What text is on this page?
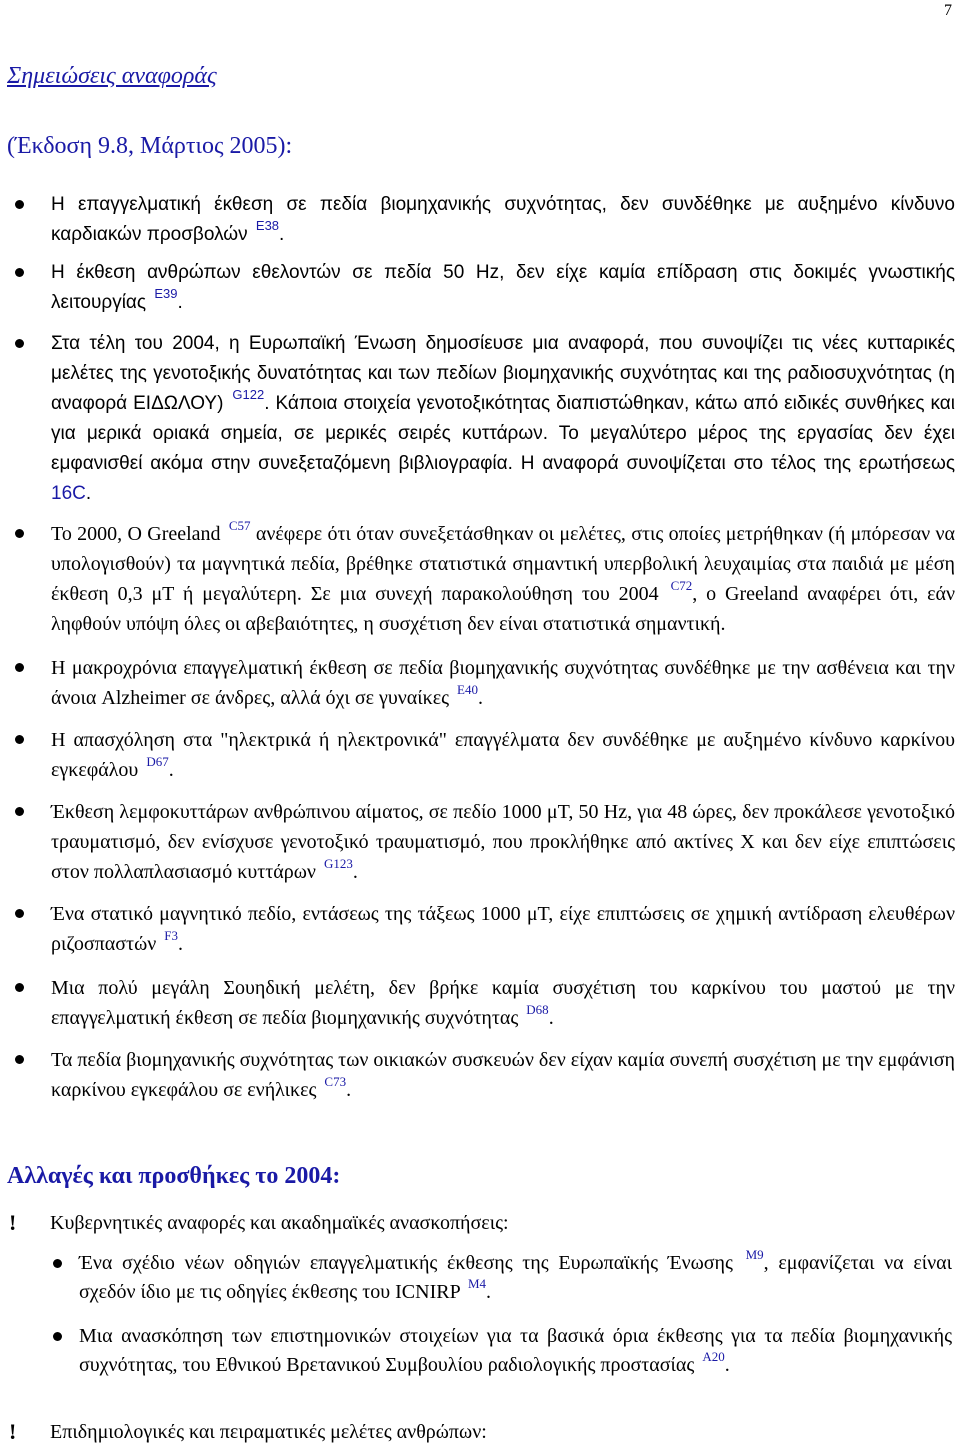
7
Σημειώσεις αναφοράς
(Έκδοση 9.8, Μάρτιος 2005):
Η επαγγελματική έκθεση σε πεδία βιομηχανικής συχνότητας, δεν συνδέθηκε με αυξημένο κίνδυνο καρδιακών προσβολών $^{E38}$.
Η έκθεση ανθρώπων εθελοντών σε πεδία 50 Hz, δεν είχε καμία επίδραση στις δοκιμές γνωστικής λειτουργίας $^{E39}$.
Στα τέλη του 2004, η Ευρωπαϊκή Ένωση δημοσίευσε μια αναφορά, που συνοψίζει τις νέες κυτταρικές μελέτες της γενοτοξικής δυνατότητας και των πεδίων βιομηχανικής συχνότητας και της ραδιοσυχνότητας (η αναφορά ΕΙΔΩΛΟΥ) $^{G122}$. Κάποια στοιχεία γενοτοξικότητας διαπιστώθηκαν, κάτω από ειδικές συνθήκες και για μερικά οριακά σημεία, σε μερικές σειρές κυττάρων. Το μεγαλύτερο μέρος της εργασίας δεν έχει εμφανισθεί ακόμα στην συνεξεταζόμενη βιβλιογραφία. Η αναφορά συνοψίζεται στο τέλος της ερωτήσεως 16C.
Το 2000, O Greeland $^{C57}$ ανέφερε ότι όταν συνεξετάσθηκαν οι μελέτες, στις οποίες μετρήθηκαν (ή μπόρεσαν να υπολογισθούν) τα μαγνητικά πεδία, βρέθηκε στατιστικά σημαντική υπερβολική λευχαιμίας στα παιδιά με μέση έκθεση 0,3 μT ή μεγαλύτερη. Σε μια συνεχή παρακολούθηση του 2004 $^{C72}$, ο Greeland αναφέρει ότι, εάν ληφθούν υπόψη όλες οι αβεβαιότητες, η συσχέτιση δεν είναι στατιστικά σημαντική.
Η μακροχρόνια επαγγελματική έκθεση σε πεδία βιομηχανικής συχνότητας συνδέθηκε με την ασθένεια και την άνοια Alzheimer σε άνδρες, αλλά όχι σε γυναίκες $^{E40}$.
Η απασχόληση στα "ηλεκτρικά ή ηλεκτρονικά" επαγγέλματα δεν συνδέθηκε με αυξημένο κίνδυνο καρκίνου εγκεφάλου $^{D67}$.
Έκθεση λεμφοκυττάρων ανθρώπινου αίματος, σε πεδίο 1000 μT, 50 Hz, για 48 ώρες, δεν προκάλεσε γενοτοξικό τραυματισμό, δεν ενίσχυσε γενοτοξικό τραυματισμό, που προκλήθηκε από ακτίνες X και δεν είχε επιπτώσεις στον πολλαπλασιασμό κυττάρων $^{G123}$.
Ένα στατικό μαγνητικό πεδίο, εντάσεως της τάξεως 1000 μT, είχε επιπτώσεις σε χημική αντίδραση ελευθέρων ριζοσπαστών $^{F3}$.
Μια πολύ μεγάλη Σουηδική μελέτη, δεν βρήκε καμία συσχέτιση του καρκίνου του μαστού με την επαγγελματική έκθεση σε πεδία βιομηχανικής συχνότητας $^{D68}$.
Τα πεδία βιομηχανικής συχνότητας των οικιακών συσκευών δεν είχαν καμία συνεπή συσχέτιση με την εμφάνιση καρκίνου εγκεφάλου σε ενήλικες $^{C73}$.
Αλλαγές και προσθήκες το 2004:
! Κυβερνητικές αναφορές και ακαδημαϊκές ανασκοπήσεις:
Ένα σχέδιο νέων οδηγιών επαγγελματικής έκθεσης της Ευρωπαϊκής Ένωσης $^{M9}$, εμφανίζεται να είναι σχεδόν ίδιο με τις οδηγίες έκθεσης του ICNIRP $^{M4}$.
Μια ανασκόπηση των επιστημονικών στοιχείων για τα βασικά όρια έκθεσης για τα πεδία βιομηχανικής συχνότητας, του Εθνικού Βρετανικού Συμβουλίου ραδιολογικής προστασίας $^{A20}$.
! Επιδημιολογικές και πειραματικές μελέτες ανθρώπων:
